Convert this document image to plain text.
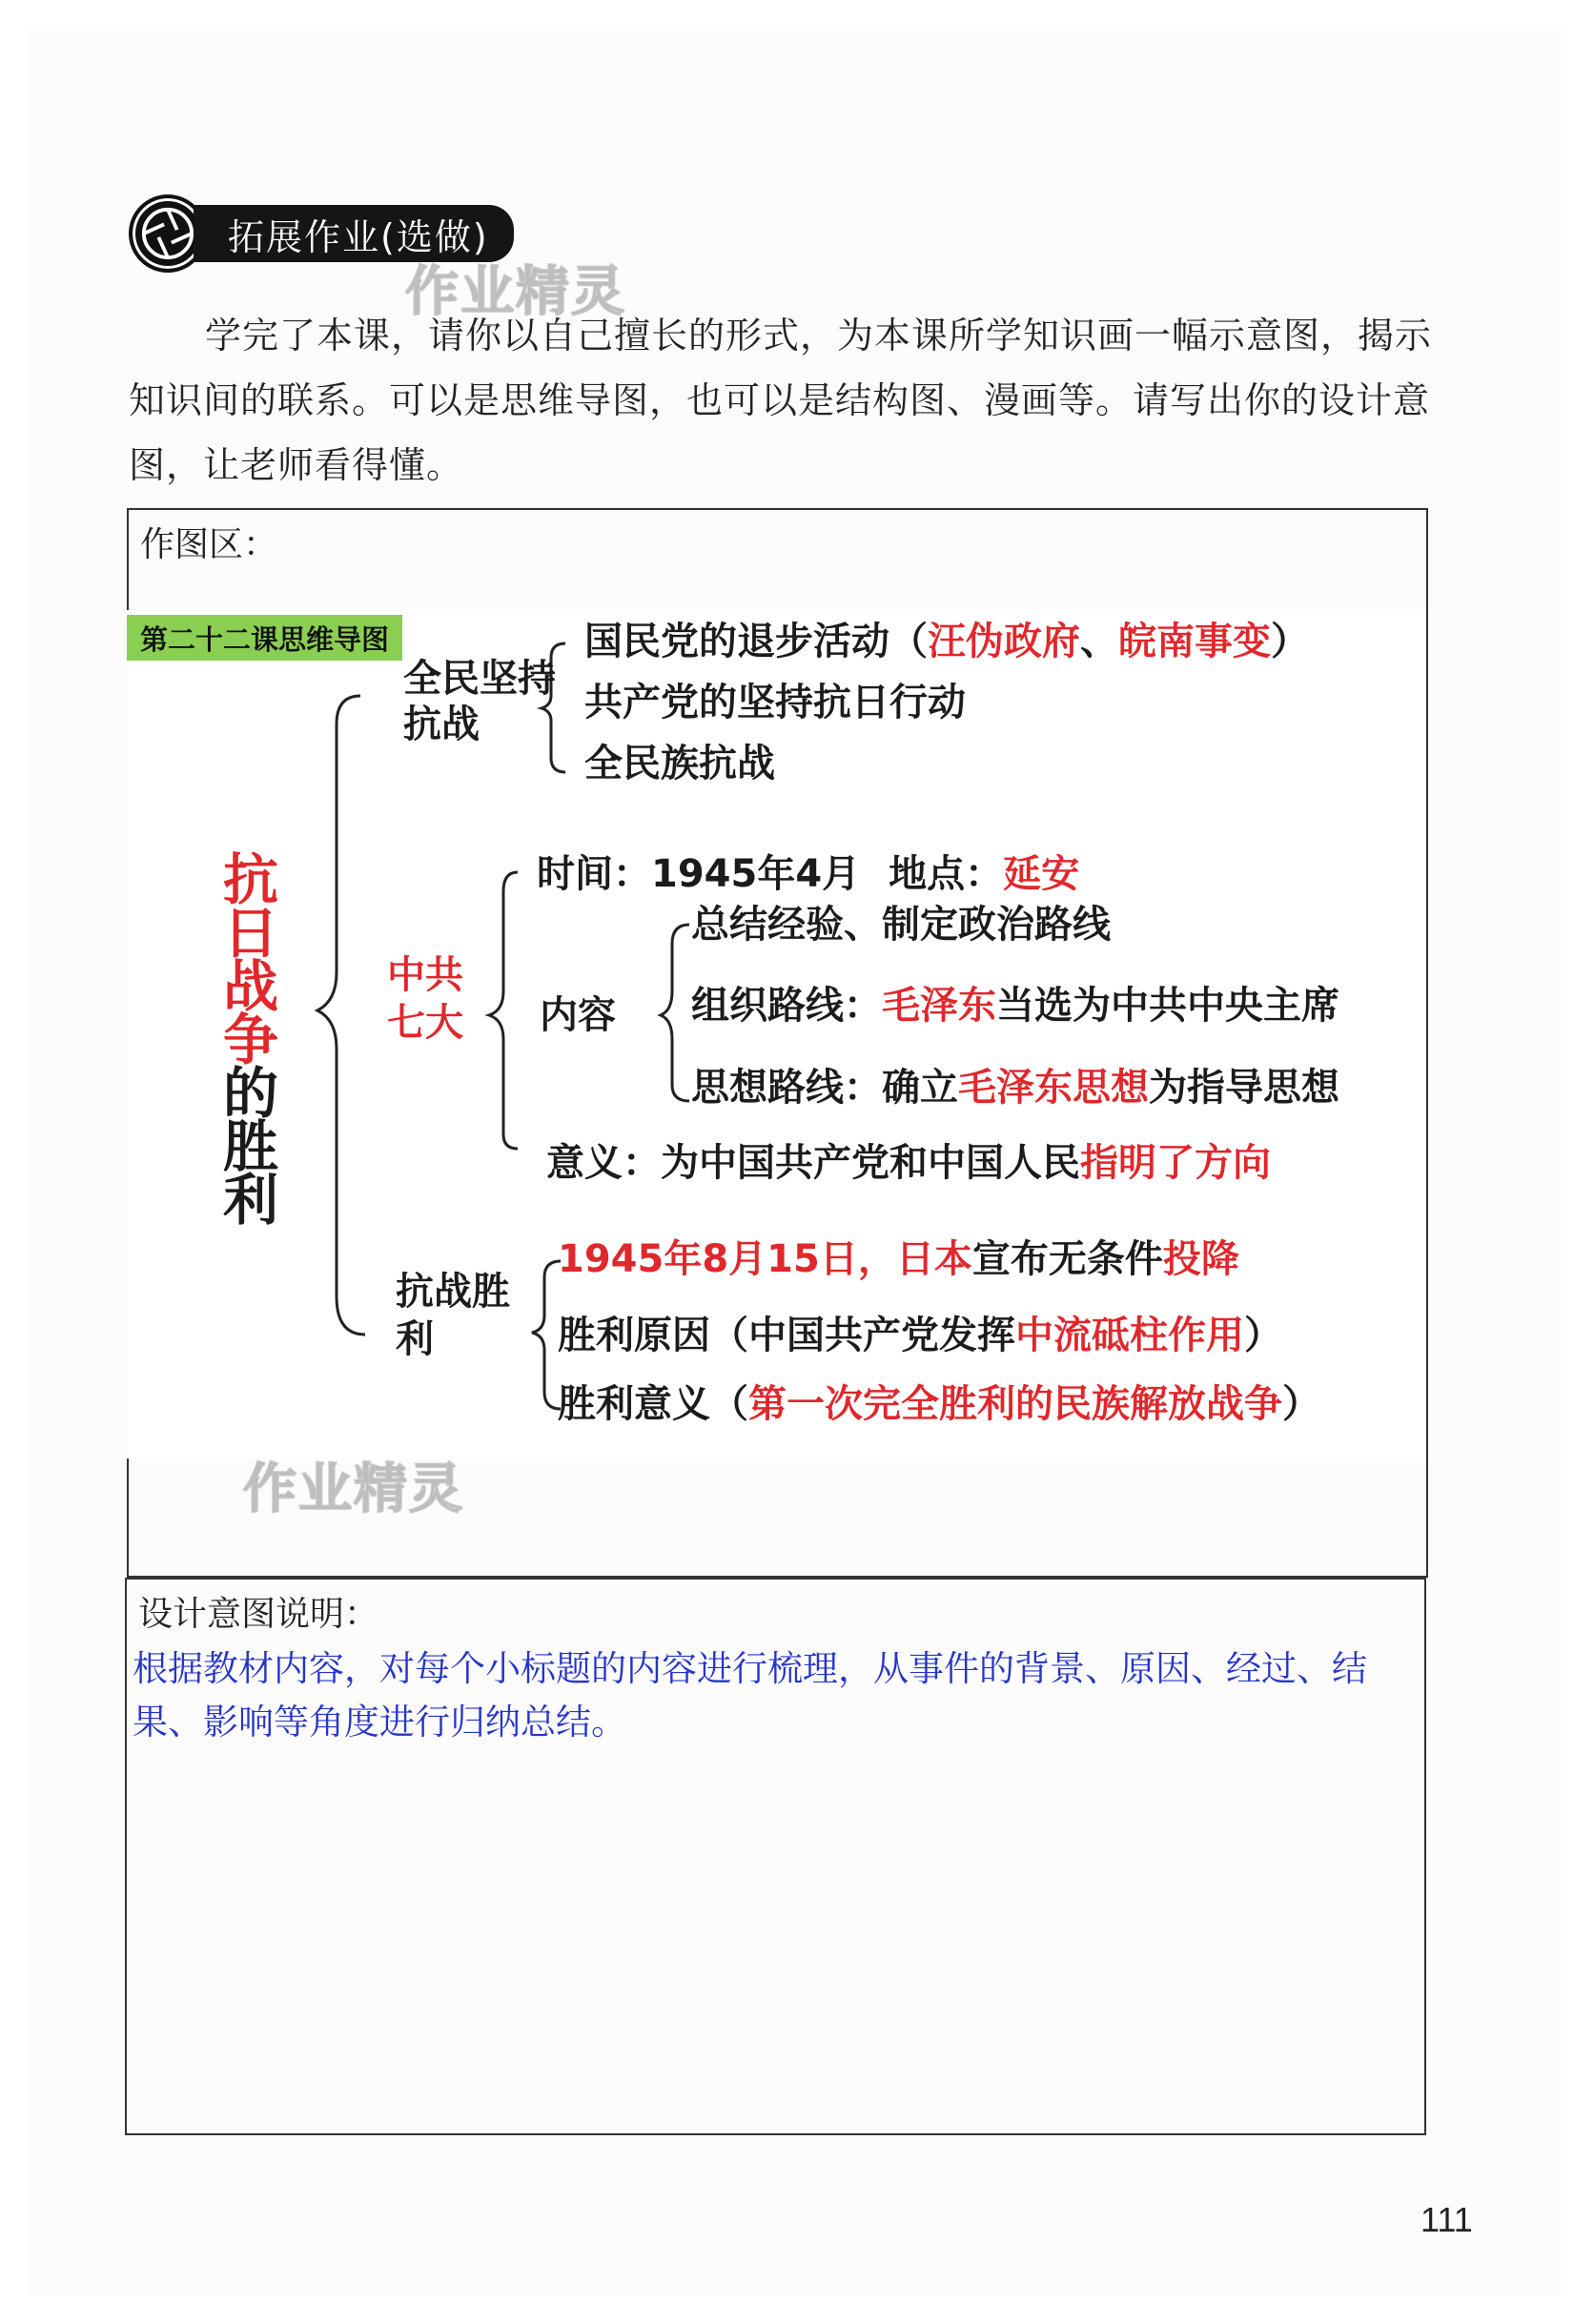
拓展作业(选做)
作业精灵

学完了本课，请你以自己擅长的形式，为本课所学知识画一幅示意图，揭示知识间的联系。可以是思维导图，也可以是结构图、漫画等。请写出你的设计意图，让老师看得懂。

作图区：
第二十二课思维导图
抗
日
战
争
的
胜
利
全民坚持
抗战
国民党的退步活动（汪伪政府、皖南事变）
共产党的坚持抗日行动
全民族抗战
中共
七大
时间：1945年4月 地点：延安
内容
总结经验、制定政治路线
组织路线：毛泽东当选为中共中央主席
思想路线：确立毛泽东思想为指导思想
意义：为中国共产党和中国人民指明了方向
抗战胜
利
1945年8月15日，日本宣布无条件投降
胜利原因（中国共产党发挥中流砥柱作用）
胜利意义（第一次完全胜利的民族解放战争）
作业精灵
设计意图说明：
根据教材内容，对每个小标题的内容进行梳理，从事件的背景、原因、经过、结果、影响等角度进行归纳总结。
111
